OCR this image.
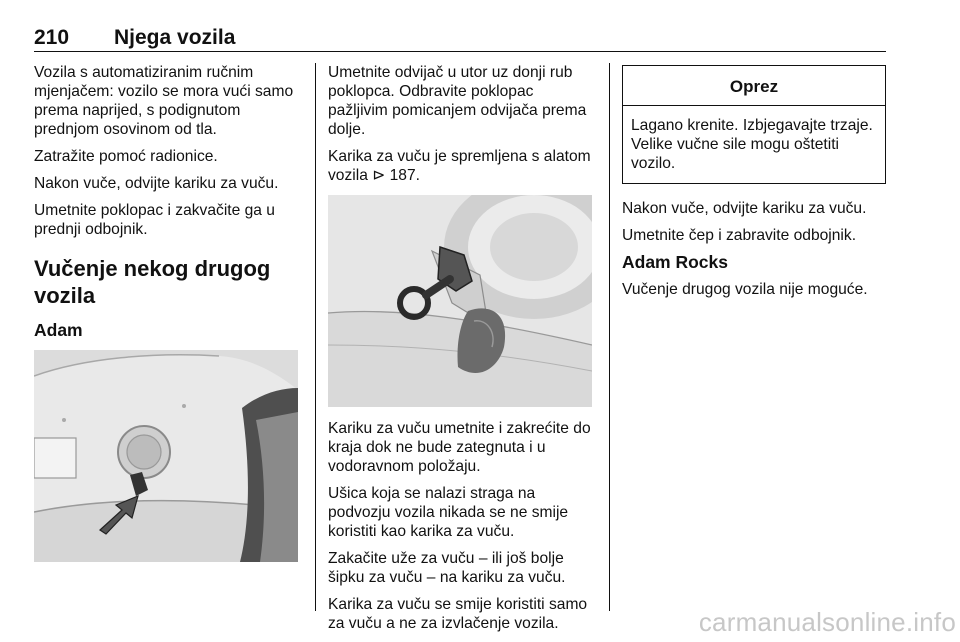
210 Njega vozila

Vozila s automatiziranim ručnim mjenjačem: vozilo se mora vući samo prema naprijed, s podignutom prednjom osovinom od tla.

Zatražite pomoć radionice.

Nakon vuče, odvijte kariku za vuču.

Umetnite poklopac i zakvačite ga u prednji odbojnik.

Vučenje nekog drugog vozila
Adam

Umetnite odvijač u utor uz donji rub poklopca. Odbravite poklopac pažljivim pomicanjem odvijača prema dolje.

Karika za vuču je spremljena s alatom vozila ⊳ 187.

Kariku za vuču umetnite i zakrećite do kraja dok ne bude zategnuta i u vodoravnom položaju.

Ušica koja se nalazi straga na podvozju vozila nikada se ne smije koristiti kao karika za vuču.

Zakačite uže za vuču – ili još bolje šipku za vuču – na kariku za vuču.

Karika za vuču se smije koristiti samo za vuču a ne za izvlačenje vozila.

Oprez
Lagano krenite. Izbjegavajte trzaje. Velike vučne sile mogu oštetiti vozilo.

Nakon vuče, odvijte kariku za vuču.

Umetnite čep i zabravite odbojnik.

Adam Rocks

Vučenje drugog vozila nije moguće.

carmanualsonline.info
